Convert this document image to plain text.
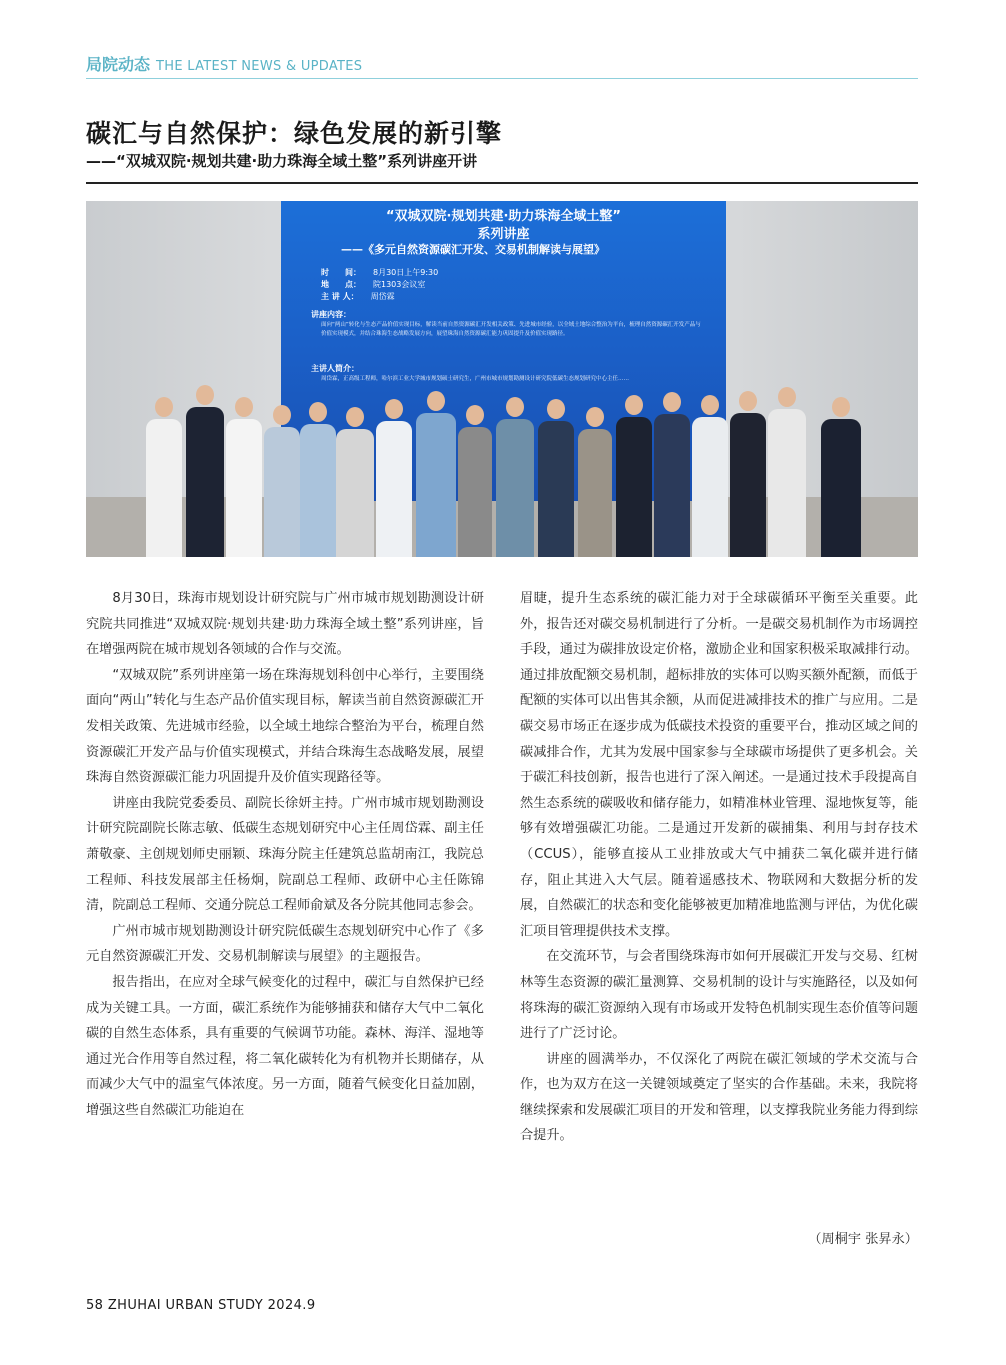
局院动态 THE LATEST NEWS & UPDATES
碳汇与自然保护：绿色发展的新引擎
——“双城双院·规划共建·助力珠海全域土整”系列讲座开讲
“双城双院·规划共建·助力珠海全域土整”
系列讲座
——《多元自然资源碳汇开发、交易机制解读与展望》
时　　间： 8月30日上午9:30
地　　点： 院1303会议室
主 讲 人： 周岱霖
讲座内容：
面向“两山”转化与生态产品价值实现目标，解读当前自然资源碳汇开发相关政策、先进城市经验，以全域土地综合整治为平台，梳理自然资源碳汇开发产品与价值实现模式，并结合珠海生态战略发展方向，展望珠海自然资源碳汇能力巩固提升及价值实现路径。
主讲人简介：
周岱霖，正高级工程师，哈尔滨工业大学城市规划硕士研究生，广州市城市规划勘测设计研究院低碳生态规划研究中心主任……

8月30日，珠海市规划设计研究院与广州市城市规划勘测设计研究院共同推进“双城双院·规划共建·助力珠海全域土整”系列讲座，旨在增强两院在城市规划各领域的合作与交流。

“双城双院”系列讲座第一场在珠海规划科创中心举行，主要围绕面向“两山”转化与生态产品价值实现目标，解读当前自然资源碳汇开发相关政策、先进城市经验，以全域土地综合整治为平台，梳理自然资源碳汇开发产品与价值实现模式，并结合珠海生态战略发展，展望珠海自然资源碳汇能力巩固提升及价值实现路径等。

讲座由我院党委委员、副院长徐妍主持。广州市城市规划勘测设计研究院副院长陈志敏、低碳生态规划研究中心主任周岱霖、副主任萧敬豪、主创规划师史丽颖、珠海分院主任建筑总监胡南江，我院总工程师、科技发展部主任杨炯，院副总工程师、政研中心主任陈锦清，院副总工程师、交通分院总工程师俞斌及各分院其他同志参会。

广州市城市规划勘测设计研究院低碳生态规划研究中心作了《多元自然资源碳汇开发、交易机制解读与展望》的主题报告。

报告指出，在应对全球气候变化的过程中，碳汇与自然保护已经成为关键工具。一方面，碳汇系统作为能够捕获和储存大气中二氧化碳的自然生态体系，具有重要的气候调节功能。森林、海洋、湿地等通过光合作用等自然过程，将二氧化碳转化为有机物并长期储存，从而减少大气中的温室气体浓度。另一方面，随着气候变化日益加剧，增强这些自然碳汇功能迫在

眉睫，提升生态系统的碳汇能力对于全球碳循环平衡至关重要。此外，报告还对碳交易机制进行了分析。一是碳交易机制作为市场调控手段，通过为碳排放设定价格，激励企业和国家积极采取减排行动。通过排放配额交易机制，超标排放的实体可以购买额外配额，而低于配额的实体可以出售其余额，从而促进减排技术的推广与应用。二是碳交易市场正在逐步成为低碳技术投资的重要平台，推动区域之间的碳减排合作，尤其为发展中国家参与全球碳市场提供了更多机会。关于碳汇科技创新，报告也进行了深入阐述。一是通过技术手段提高自然生态系统的碳吸收和储存能力，如精准林业管理、湿地恢复等，能够有效增强碳汇功能。二是通过开发新的碳捕集、利用与封存技术（CCUS），能够直接从工业排放或大气中捕获二氧化碳并进行储存，阻止其进入大气层。随着遥感技术、物联网和大数据分析的发展，自然碳汇的状态和变化能够被更加精准地监测与评估，为优化碳汇项目管理提供技术支撑。

在交流环节，与会者围绕珠海市如何开展碳汇开发与交易、红树林等生态资源的碳汇量测算、交易机制的设计与实施路径，以及如何将珠海的碳汇资源纳入现有市场或开发特色机制实现生态价值等问题进行了广泛讨论。

讲座的圆满举办，不仅深化了两院在碳汇领域的学术交流与合作，也为双方在这一关键领域奠定了坚实的合作基础。未来，我院将继续探索和发展碳汇项目的开发和管理，以支撑我院业务能力得到综合提升。

（周桐宇 张昇永）
58 ZHUHAI URBAN STUDY 2024.9
